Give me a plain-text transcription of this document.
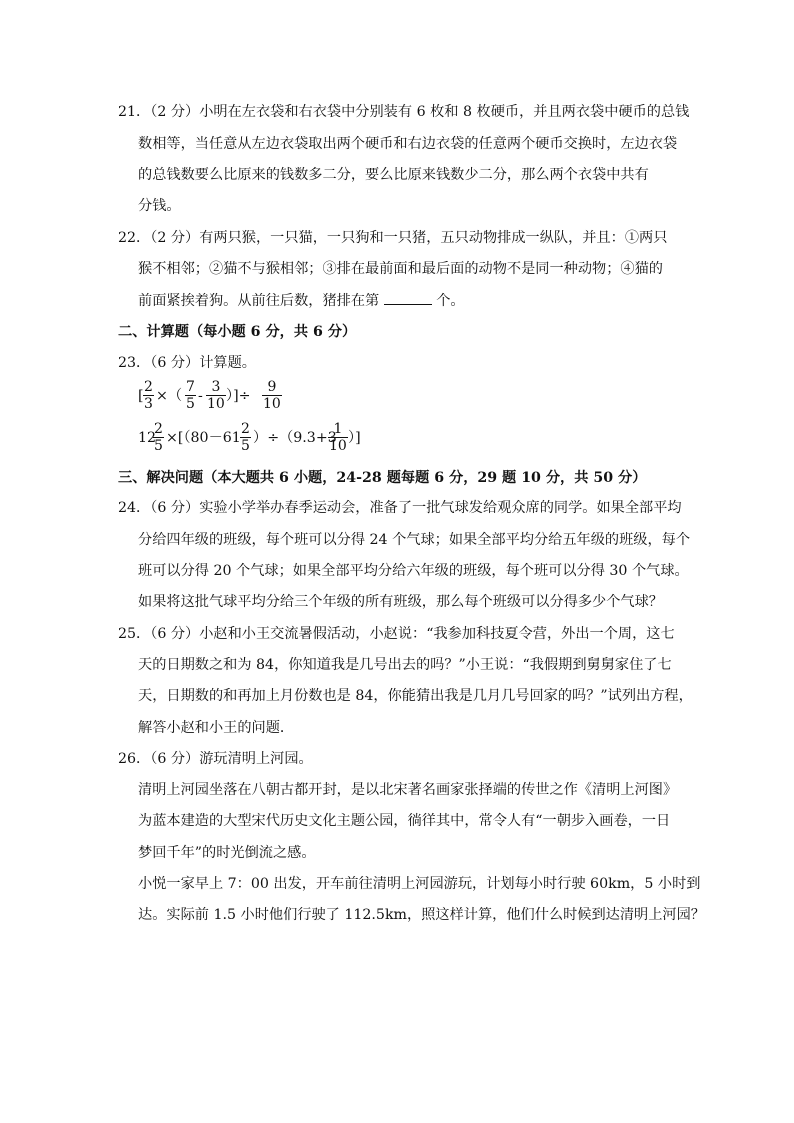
21．（2 分）小明在左衣袋和右衣袋中分别装有 6 枚和 8 枚硬币，并且两衣袋中硬币的总钱
数相等，当任意从左边衣袋取出两个硬币和右边衣袋的任意两个硬币交换时，左边衣袋
的总钱数要么比原来的钱数多二分，要么比原来钱数少二分，那么两个衣袋中共有
分钱。
22．（2 分）有两只猴，一只猫，一只狗和一只猪，五只动物排成一纵队，并且：①两只
猴不相邻；②猫不与猴相邻；③排在最前面和最后面的动物不是同一种动物；④猫的
前面紧挨着狗。从前往后数，猪排在第	个。
二、计算题（每小题 6 分，共 6 分）
23．（6 分）计算题。
[ $\frac{2}{3}$ ×（ $\frac{7}{5} - \frac{3}{10}$ ）]÷ $\frac{9}{10}$
12
$\frac{2}{5} \times[(80-61 \frac{2}{5} )\div(9.3+3$
$\frac{1}{10}$ ）]
三、解决问题（本大题共 6 小题，24-28 题每题 6 分，29 题 10 分，共 50 分）
24．（6 分）实验小学举办春季运动会，准备了一批气球发给观众席的同学。如果全部平均
分给四年级的班级，每个班可以分得 24 个气球；如果全部平均分给五年级的班级，每个
班可以分得 20 个气球；如果全部平均分给六年级的班级，每个班可以分得 30 个气球。
如果将这批气球平均分给三个年级的所有班级，那么每个班级可以分得多少个气球？
25．（6 分）小赵和小王交流暑假活动，小赵说：“我参加科技夏令营，外出一个周，这七
天的日期数之和为 84，你知道我是几号出去的吗？”小王说：“我假期到舅舅家住了七
天，日期数的和再加上月份数也是 84，你能猜出我是几月几号回家的吗？”试列出方程，
解答小赵和小王的问题．
26．（6 分）游玩清明上河园。
清明上河园坐落在八朝古都开封，是以北宋著名画家张择端的传世之作《清明上河图》
为蓝本建造的大型宋代历史文化主题公园，徜徉其中，常令人有“一朝步入画卷，一日
梦回千年”的时光倒流之感。
小悦一家早上 7：00 出发，开车前往清明上河园游玩，计划每小时行驶 60km，5 小时到
达。实际前 1.5 小时他们行驶了 112.5km，照这样计算，他们什么时候到达清明上河园？
